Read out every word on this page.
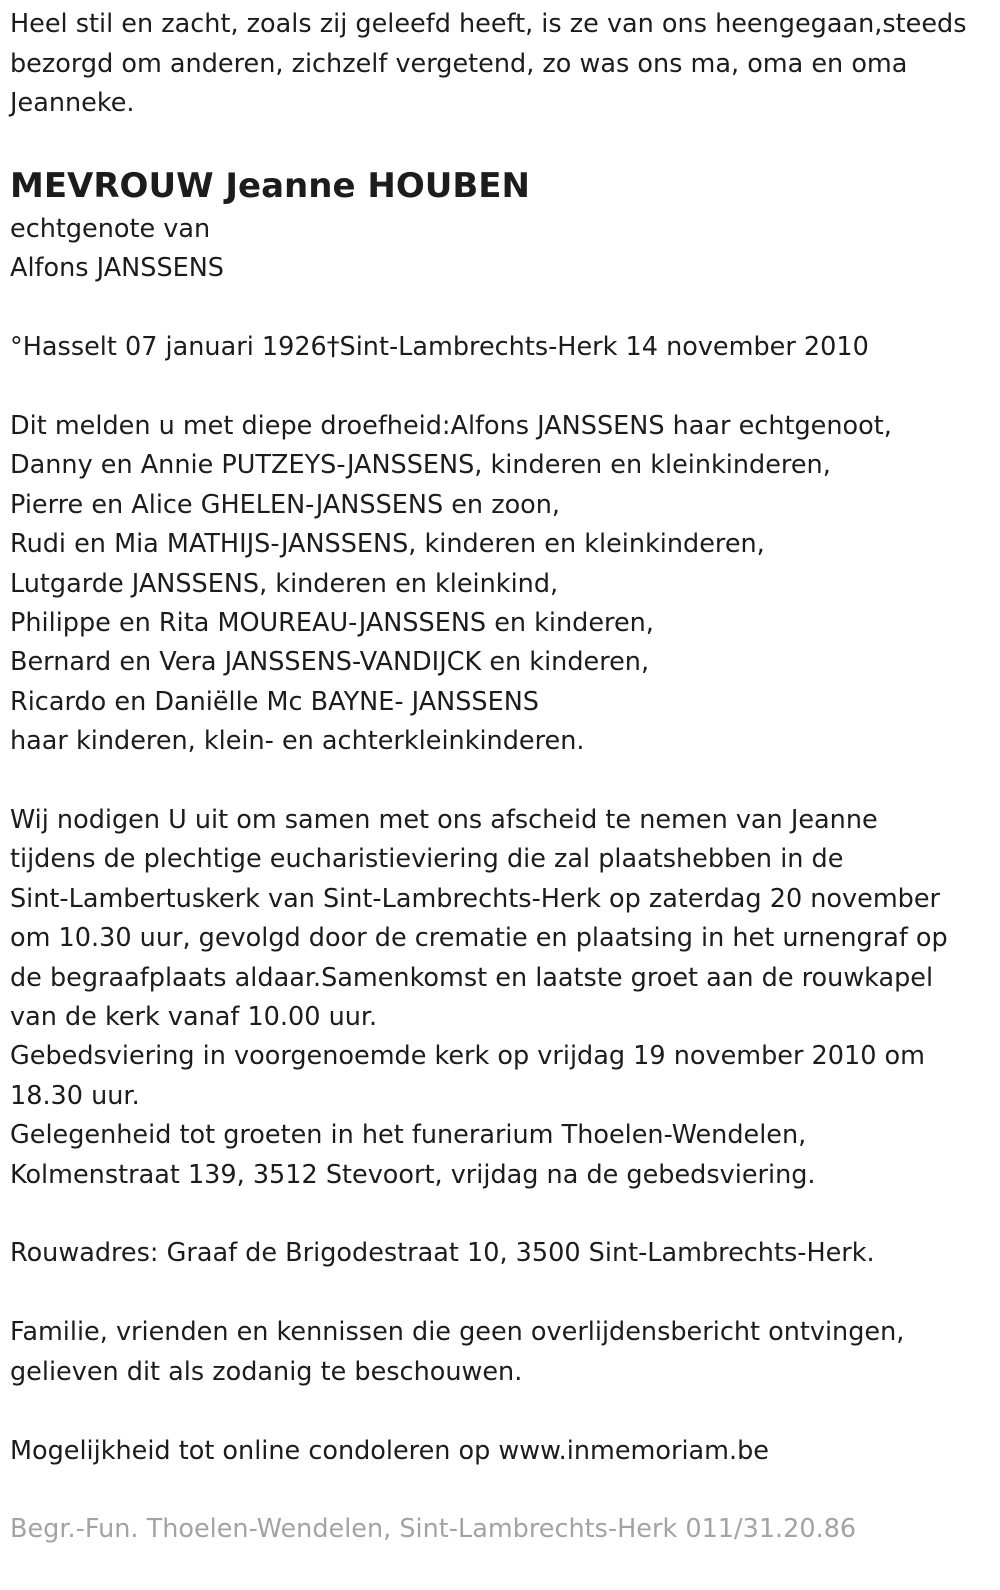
Heel stil en zacht, zoals zij geleefd heeft, is ze van ons heengegaan,steeds
bezorgd om anderen, zichzelf vergetend, zo was ons ma, oma en oma
Jeanneke.
MEVROUW Jeanne HOUBEN
echtgenote van
Alfons JANSSENS
°Hasselt 07 januari 1926†Sint-Lambrechts-Herk 14 november 2010
Dit melden u met diepe droefheid:Alfons JANSSENS haar echtgenoot,
Danny en Annie PUTZEYS-JANSSENS, kinderen en kleinkinderen,
Pierre en Alice GHELEN-JANSSENS en zoon,
Rudi en Mia MATHIJS-JANSSENS, kinderen en kleinkinderen,
Lutgarde JANSSENS, kinderen en kleinkind,
Philippe en Rita MOUREAU-JANSSENS en kinderen,
Bernard en Vera JANSSENS-VANDIJCK en kinderen,
Ricardo en Daniëlle Mc BAYNE- JANSSENS
haar kinderen, klein- en achterkleinkinderen.
Wij nodigen U uit om samen met ons afscheid te nemen van Jeanne
tijdens de plechtige eucharistieviering die zal plaatshebben in de
Sint-Lambertuskerk van Sint-Lambrechts-Herk op zaterdag 20 november
om 10.30 uur, gevolgd door de crematie en plaatsing in het urnengraf op
de begraafplaats aldaar.Samenkomst en laatste groet aan de rouwkapel
van de kerk vanaf 10.00 uur.
Gebedsviering in voorgenoemde kerk op vrijdag 19 november 2010 om
18.30 uur.
Gelegenheid tot groeten in het funerarium Thoelen-Wendelen,
Kolmenstraat 139, 3512 Stevoort, vrijdag na de gebedsviering.
Rouwadres: Graaf de Brigodestraat 10, 3500 Sint-Lambrechts-Herk.
Familie, vrienden en kennissen die geen overlijdensbericht ontvingen,
gelieven dit als zodanig te beschouwen.
Mogelijkheid tot online condoleren op www.inmemoriam.be
Begr.-Fun. Thoelen-Wendelen, Sint-Lambrechts-Herk 011/31.20.86
